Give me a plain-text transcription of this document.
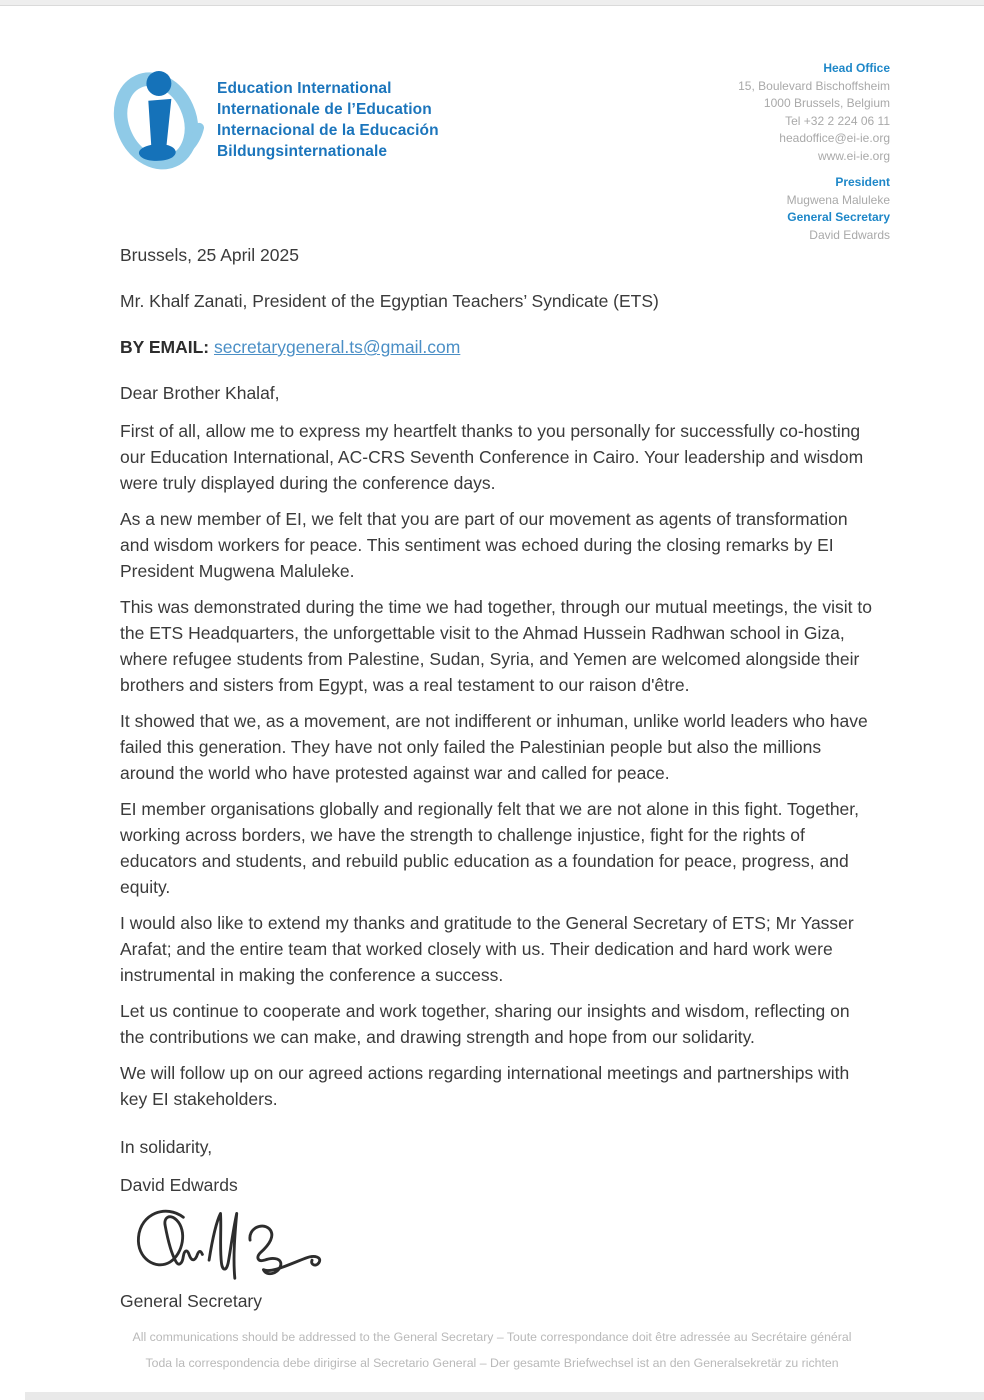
Education International
Internationale de l’Education
Internacional de la Educación
Bildungsinternationale
Head Office
15, Boulevard Bischoffsheim
1000 Brussels, Belgium
Tel +32 2 224 06 11
headoffice@ei-ie.org
www.ei-ie.org
President
Mugwena Maluleke
General Secretary
David Edwards

Brussels, 25 April 2025

Mr. Khalf Zanati, President of the Egyptian Teachers’ Syndicate (ETS)

BY EMAIL: secretarygeneral.ts@gmail.com

Dear Brother Khalaf,

First of all, allow me to express my heartfelt thanks to you personally for successfully co-hosting our Education International, AC-CRS Seventh Conference in Cairo. Your leadership and wisdom were truly displayed during the conference days.

As a new member of EI, we felt that you are part of our movement as agents of transformation and wisdom workers for peace. This sentiment was echoed during the closing remarks by EI President Mugwena Maluleke.

This was demonstrated during the time we had together, through our mutual meetings, the visit to the ETS Headquarters, the unforgettable visit to the Ahmad Hussein Radhwan school in Giza, where refugee students from Palestine, Sudan, Syria, and Yemen are welcomed alongside their brothers and sisters from Egypt, was a real testament to our raison d'être.

It showed that we, as a movement, are not indifferent or inhuman, unlike world leaders who have failed this generation. They have not only failed the Palestinian people but also the millions around the world who have protested against war and called for peace.

EI member organisations globally and regionally felt that we are not alone in this fight. Together, working across borders, we have the strength to challenge injustice, fight for the rights of educators and students, and rebuild public education as a foundation for peace, progress, and equity.

I would also like to extend my thanks and gratitude to the General Secretary of ETS; Mr Yasser Arafat; and the entire team that worked closely with us. Their dedication and hard work were instrumental in making the conference a success.

Let us continue to cooperate and work together, sharing our insights and wisdom, reflecting on the contributions we can make, and drawing strength and hope from our solidarity.

We will follow up on our agreed actions regarding international meetings and partnerships with key EI stakeholders.

In solidarity,

David Edwards

General Secretary

All communications should be addressed to the General Secretary – Toute correspondance doit être adressée au Secrétaire général
Toda la correspondencia debe dirigirse al Secretario General – Der gesamte Briefwechsel ist an den Generalsekretär zu richten
